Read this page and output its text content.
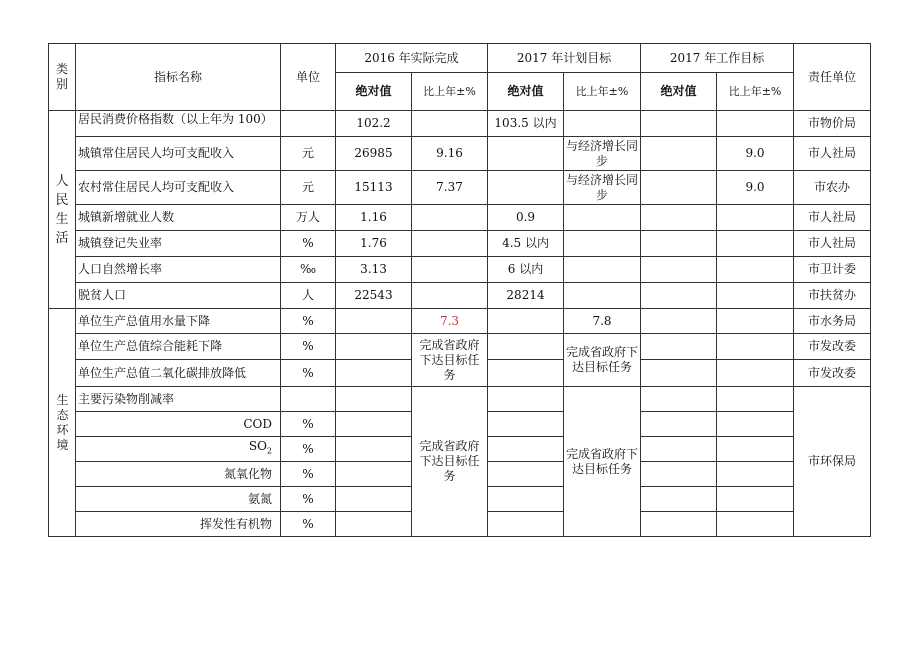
类别	指标名称	单位	2016 年实际完成		2017 年计划目标		2017 年工作目标		责任单位
			绝对值	比上年±%	绝对值	比上年±%	绝对值	比上年±%	
人民生活	居民消费价格指数（以上年为 100）		102.2		103.5 以内				市物价局
	城镇常住居民人均可支配收入	元	26985	9.16		与经济增长同步		9.0	市人社局
	农村常住居民人均可支配收入	元	15113	7.37		与经济增长同步		9.0	市农办
	城镇新增就业人数	万人	1.16		0.9				市人社局
	城镇登记失业率	%	1.76		4.5 以内				市人社局
	人口自然增长率	‰	3.13		6 以内				市卫计委
	脱贫人口	人	22543		28214				市扶贫办
生态环境	单位生产总值用水量下降	%		7.3		7.8			市水务局
	单位生产总值综合能耗下降	%		完成省政府下达目标任务		完成省政府下达目标任务			市发改委
	单位生产总值二氧化碳排放降低	%							市发改委
	主要污染物削减率			完成省政府下达目标任务		完成省政府下达目标任务			市环保局
	COD	%							
	$SO_2$	%							
	氮氧化物	%							
	氨氮	%							
	挥发性有机物	%							
